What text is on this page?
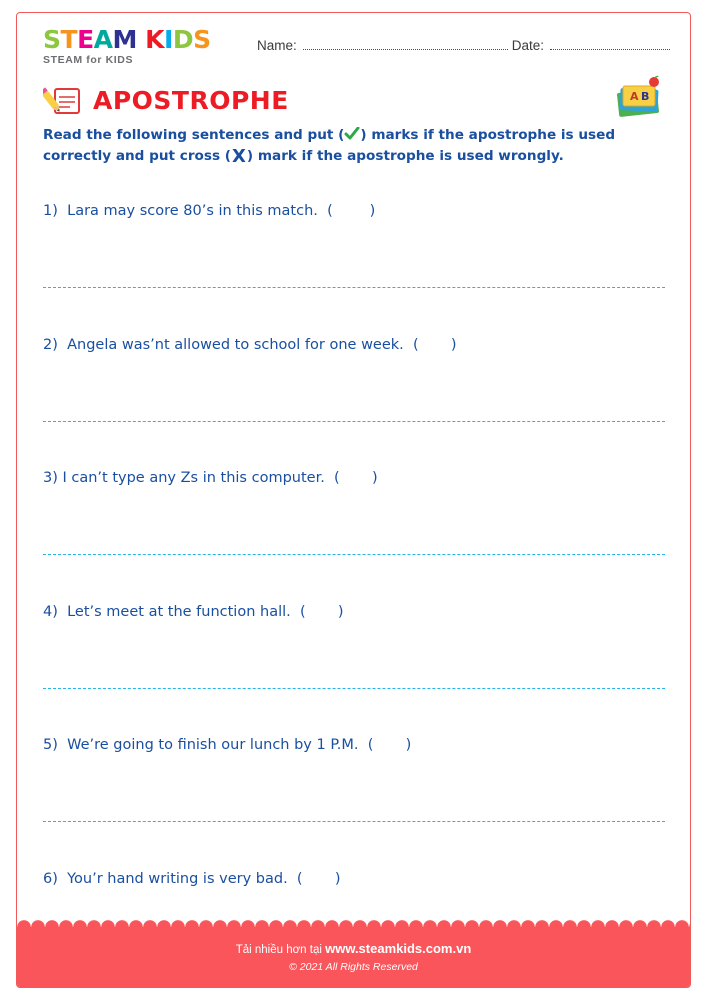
STEAM KIDS
STEAM for KIDS
Name:	Date:
APOSTROPHE	A B
Read the following sentences and put ( ) marks if the apostrophe is used correctly and put cross (X) mark if the apostrophe is used wrongly.
1) Lara may score 80’s in this match.  (        )
2) Angela was’nt allowed to school for one week.  (       )
3) I can’t type any Zs in this computer.  (       )
4) Let’s meet at the function hall.  (       )
5) We’re going to finish our lunch by 1 P.M.  (       )
6) You’r hand writing is very bad.  (       )
Tải nhiều hơn tại www.steamkids.com.vn
© 2021 All Rights Reserved
